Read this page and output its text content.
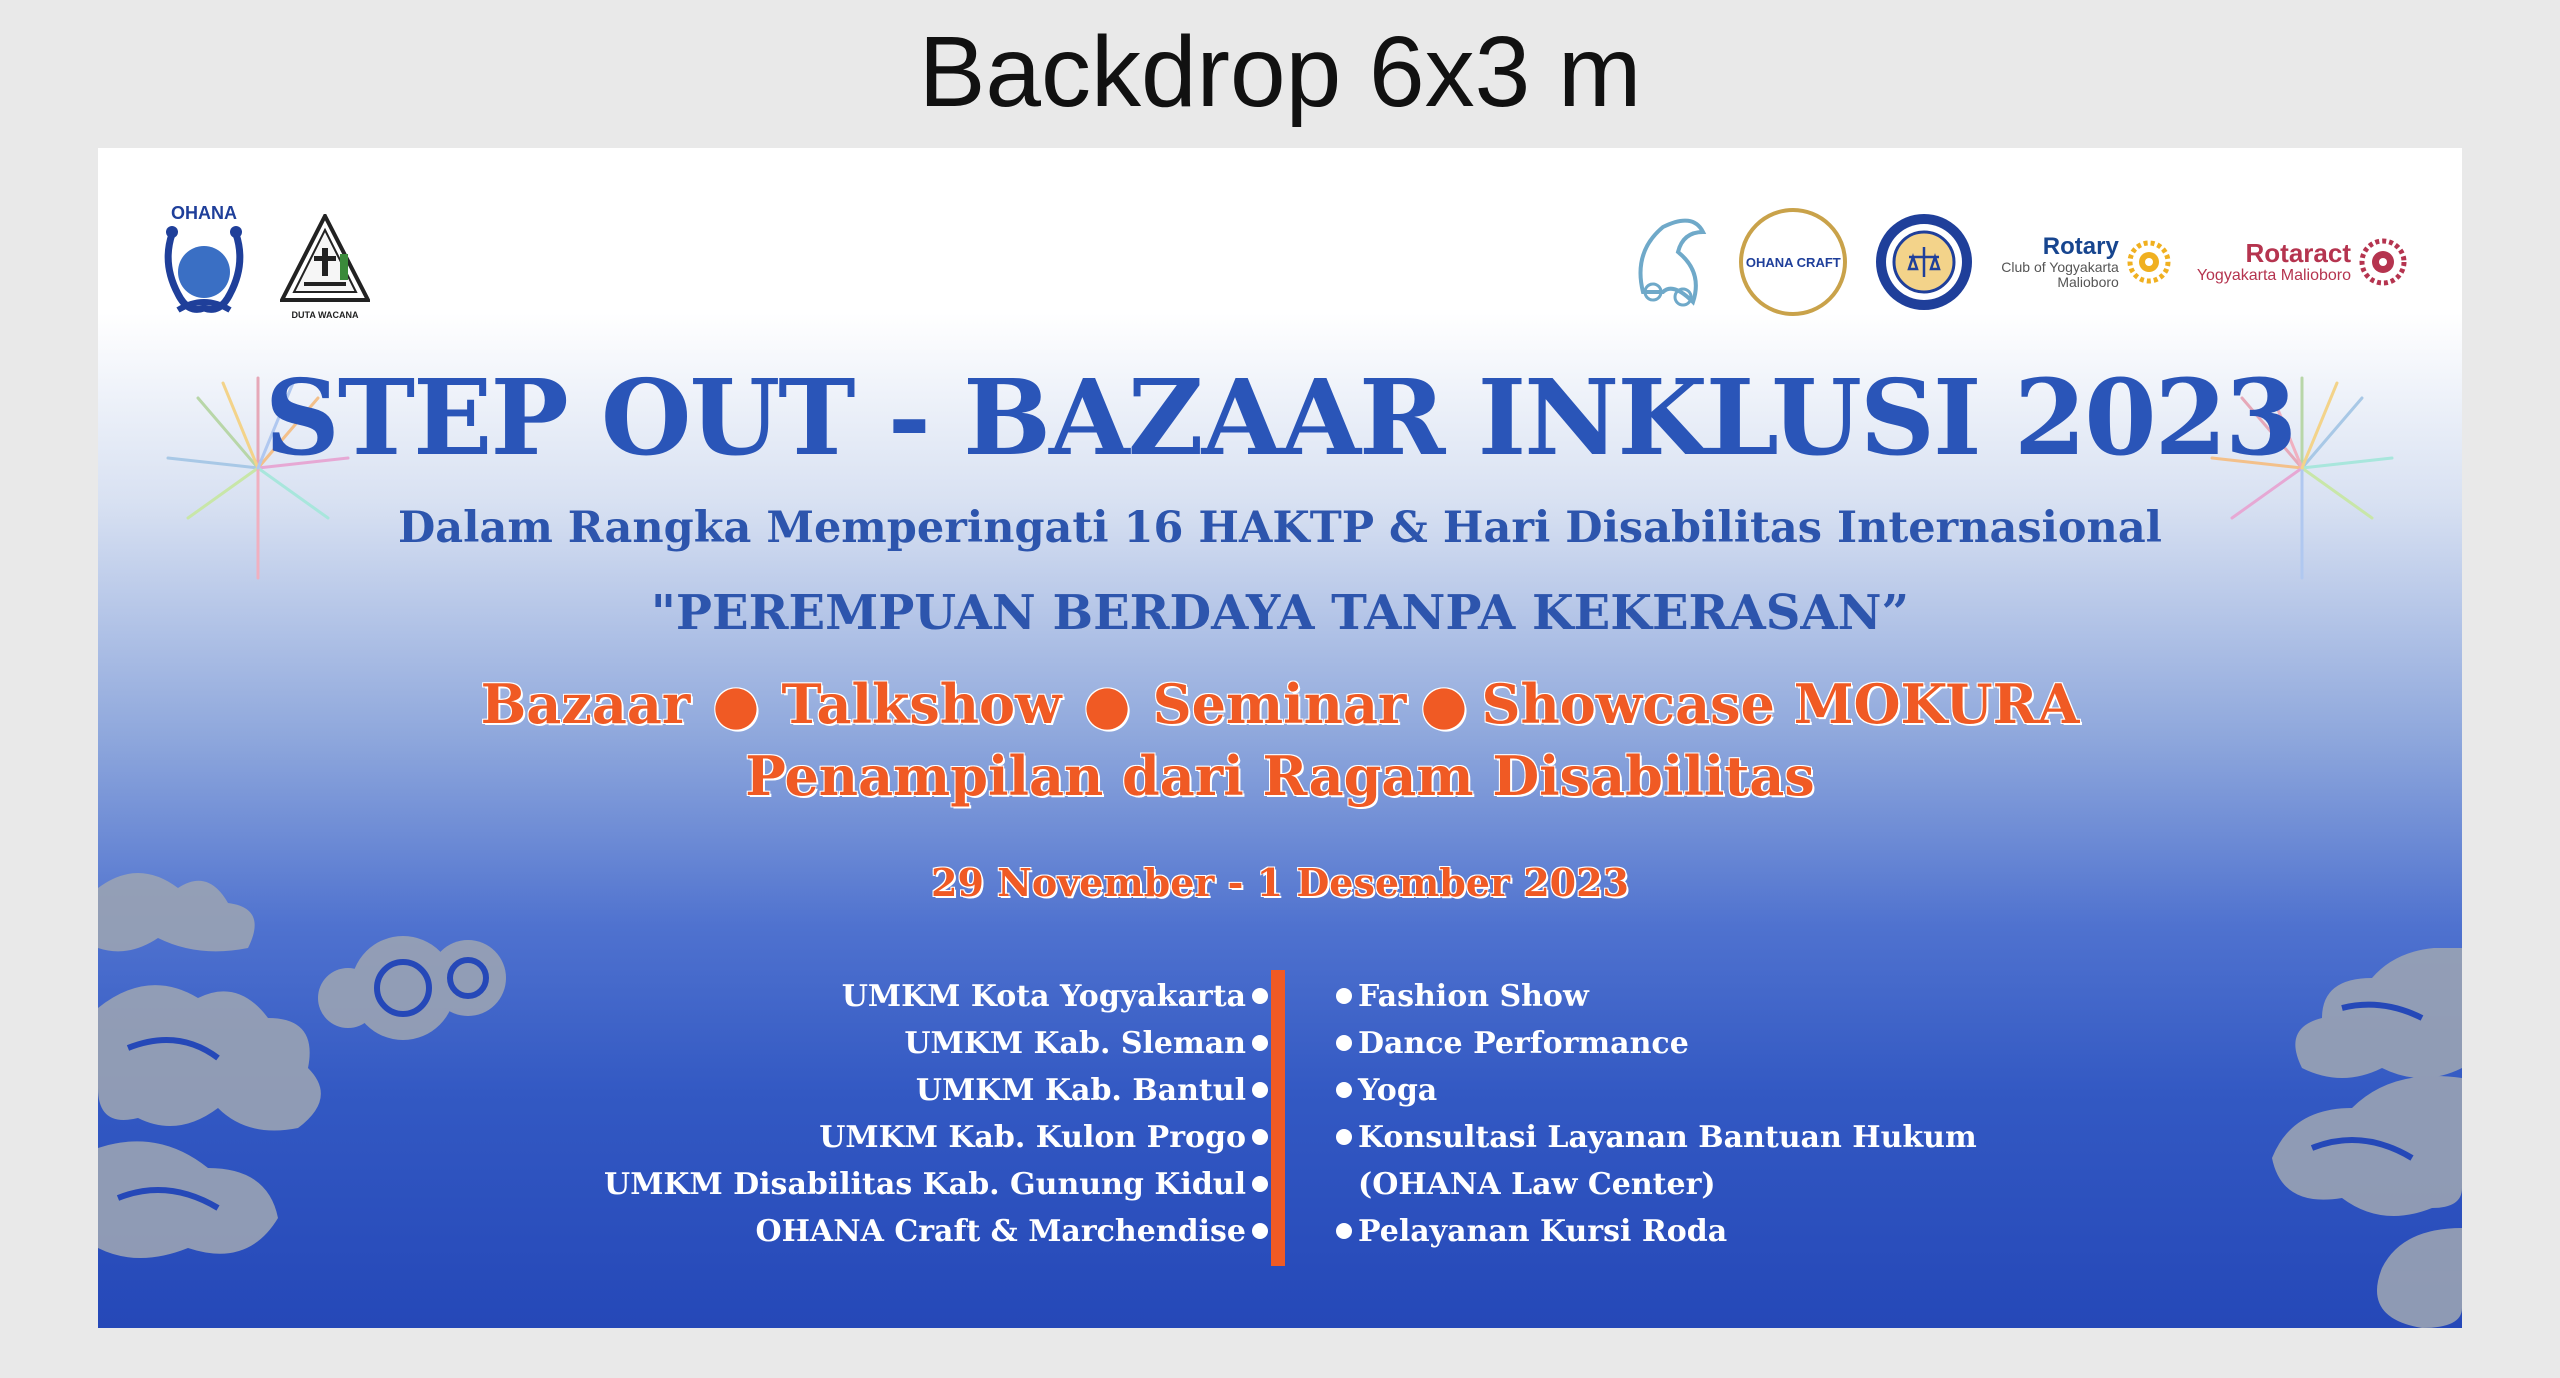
Backdrop 6x3 m
OHANA
DUTA WACANA
OHANA CRAFT
Rotary
Club of Yogyakarta
Malioboro
Rotaract
Yogyakarta Malioboro
STEP OUT - BAZAAR INKLUSI 2023
Dalam Rangka Memperingati 16 HAKTP & Hari Disabilitas Internasional
"PEREMPUAN BERDAYA TANPA KEKERASAN”
Bazaar ● Talkshow ● Seminar ● Showcase MOKURA
Penampilan dari Ragam Disabilitas
29 November - 1 Desember 2023
UMKM Kota Yogyakarta
UMKM Kab. Sleman
UMKM Kab. Bantul
UMKM Kab. Kulon Progo
UMKM Disabilitas Kab. Gunung Kidul
OHANA Craft & Marchendise
Fashion Show
Dance Performance
Yoga
Konsultasi Layanan Bantuan Hukum
(OHANA Law Center)
Pelayanan Kursi Roda
